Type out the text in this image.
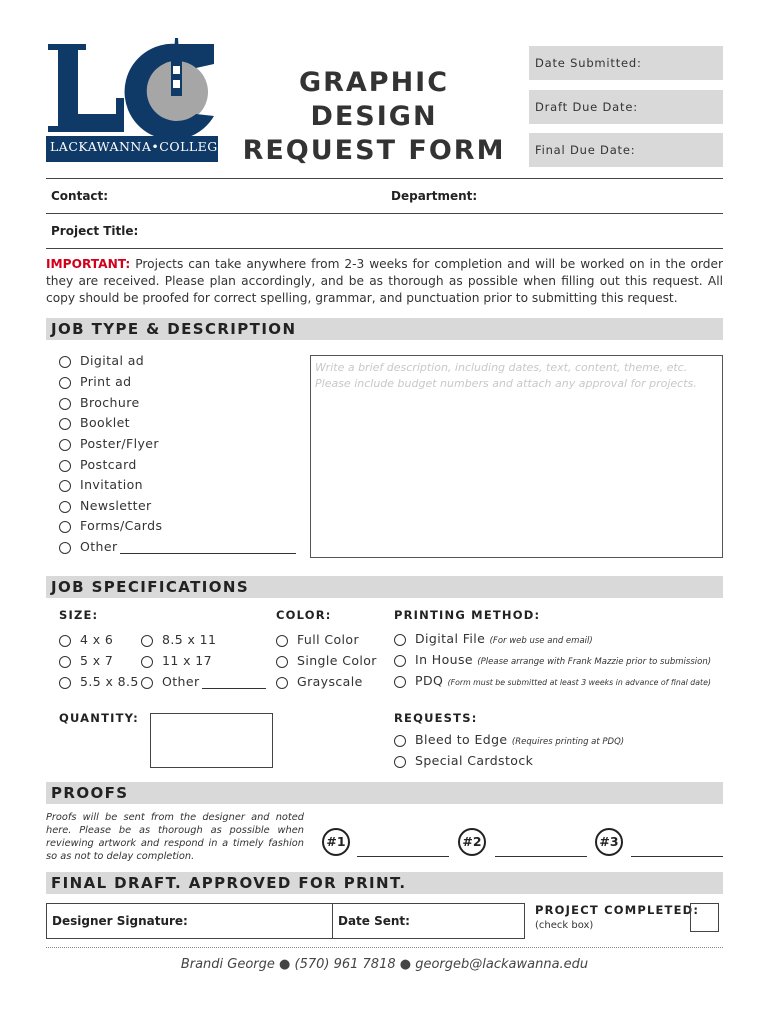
LACKAWANNA•COLLEGE
GRAPHIC DESIGN
REQUEST FORM
Date Submitted:
Draft Due Date:
Final Due Date:
Contact:	Department:
Project Title:
IMPORTANT: Projects can take anywhere from 2-3 weeks for completion and will be worked on in the order they are received. Please plan accordingly, and be as thorough as possible when filling out this request. All copy should be proofed for correct spelling, grammar, and punctuation prior to submitting this request.
JOB TYPE & DESCRIPTION
Digital ad
Print ad
Brochure
Booklet
Poster/Flyer
Postcard
Invitation
Newsletter
Forms/Cards
Other
Write a brief description, including dates, text, content, theme, etc. Please include budget numbers and attach any approval for projects.
JOB SPECIFICATIONS
SIZE:
4 x 6
5 x 7
5.5 x 8.5
8.5 x 11
11 x 17
Other
COLOR:
Full Color
Single Color
Grayscale
PRINTING METHOD:
Digital File (For web use and email)
In House (Please arrange with Frank Mazzie prior to submission)
PDQ (Form must be submitted at least 3 weeks in advance of final date)
QUANTITY:	REQUESTS:
Bleed to Edge (Requires printing at PDQ)
Special Cardstock
PROOFS
Proofs will be sent from the designer and noted here. Please be as thorough as possible when reviewing artwork and respond in a timely fashion so as not to delay completion.
#1	#2	#3
FINAL DRAFT. APPROVED FOR PRINT.
Designer Signature:	Date Sent:
PROJECT COMPLETED:
(check box)
Brandi George ● (570) 961 7818 ● georgeb@lackawanna.edu
